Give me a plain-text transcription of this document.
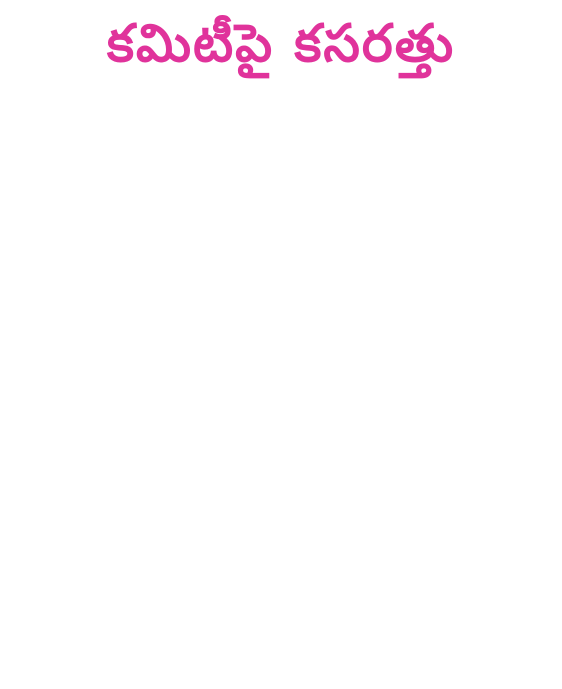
కమిటీపై కసరత్తు
